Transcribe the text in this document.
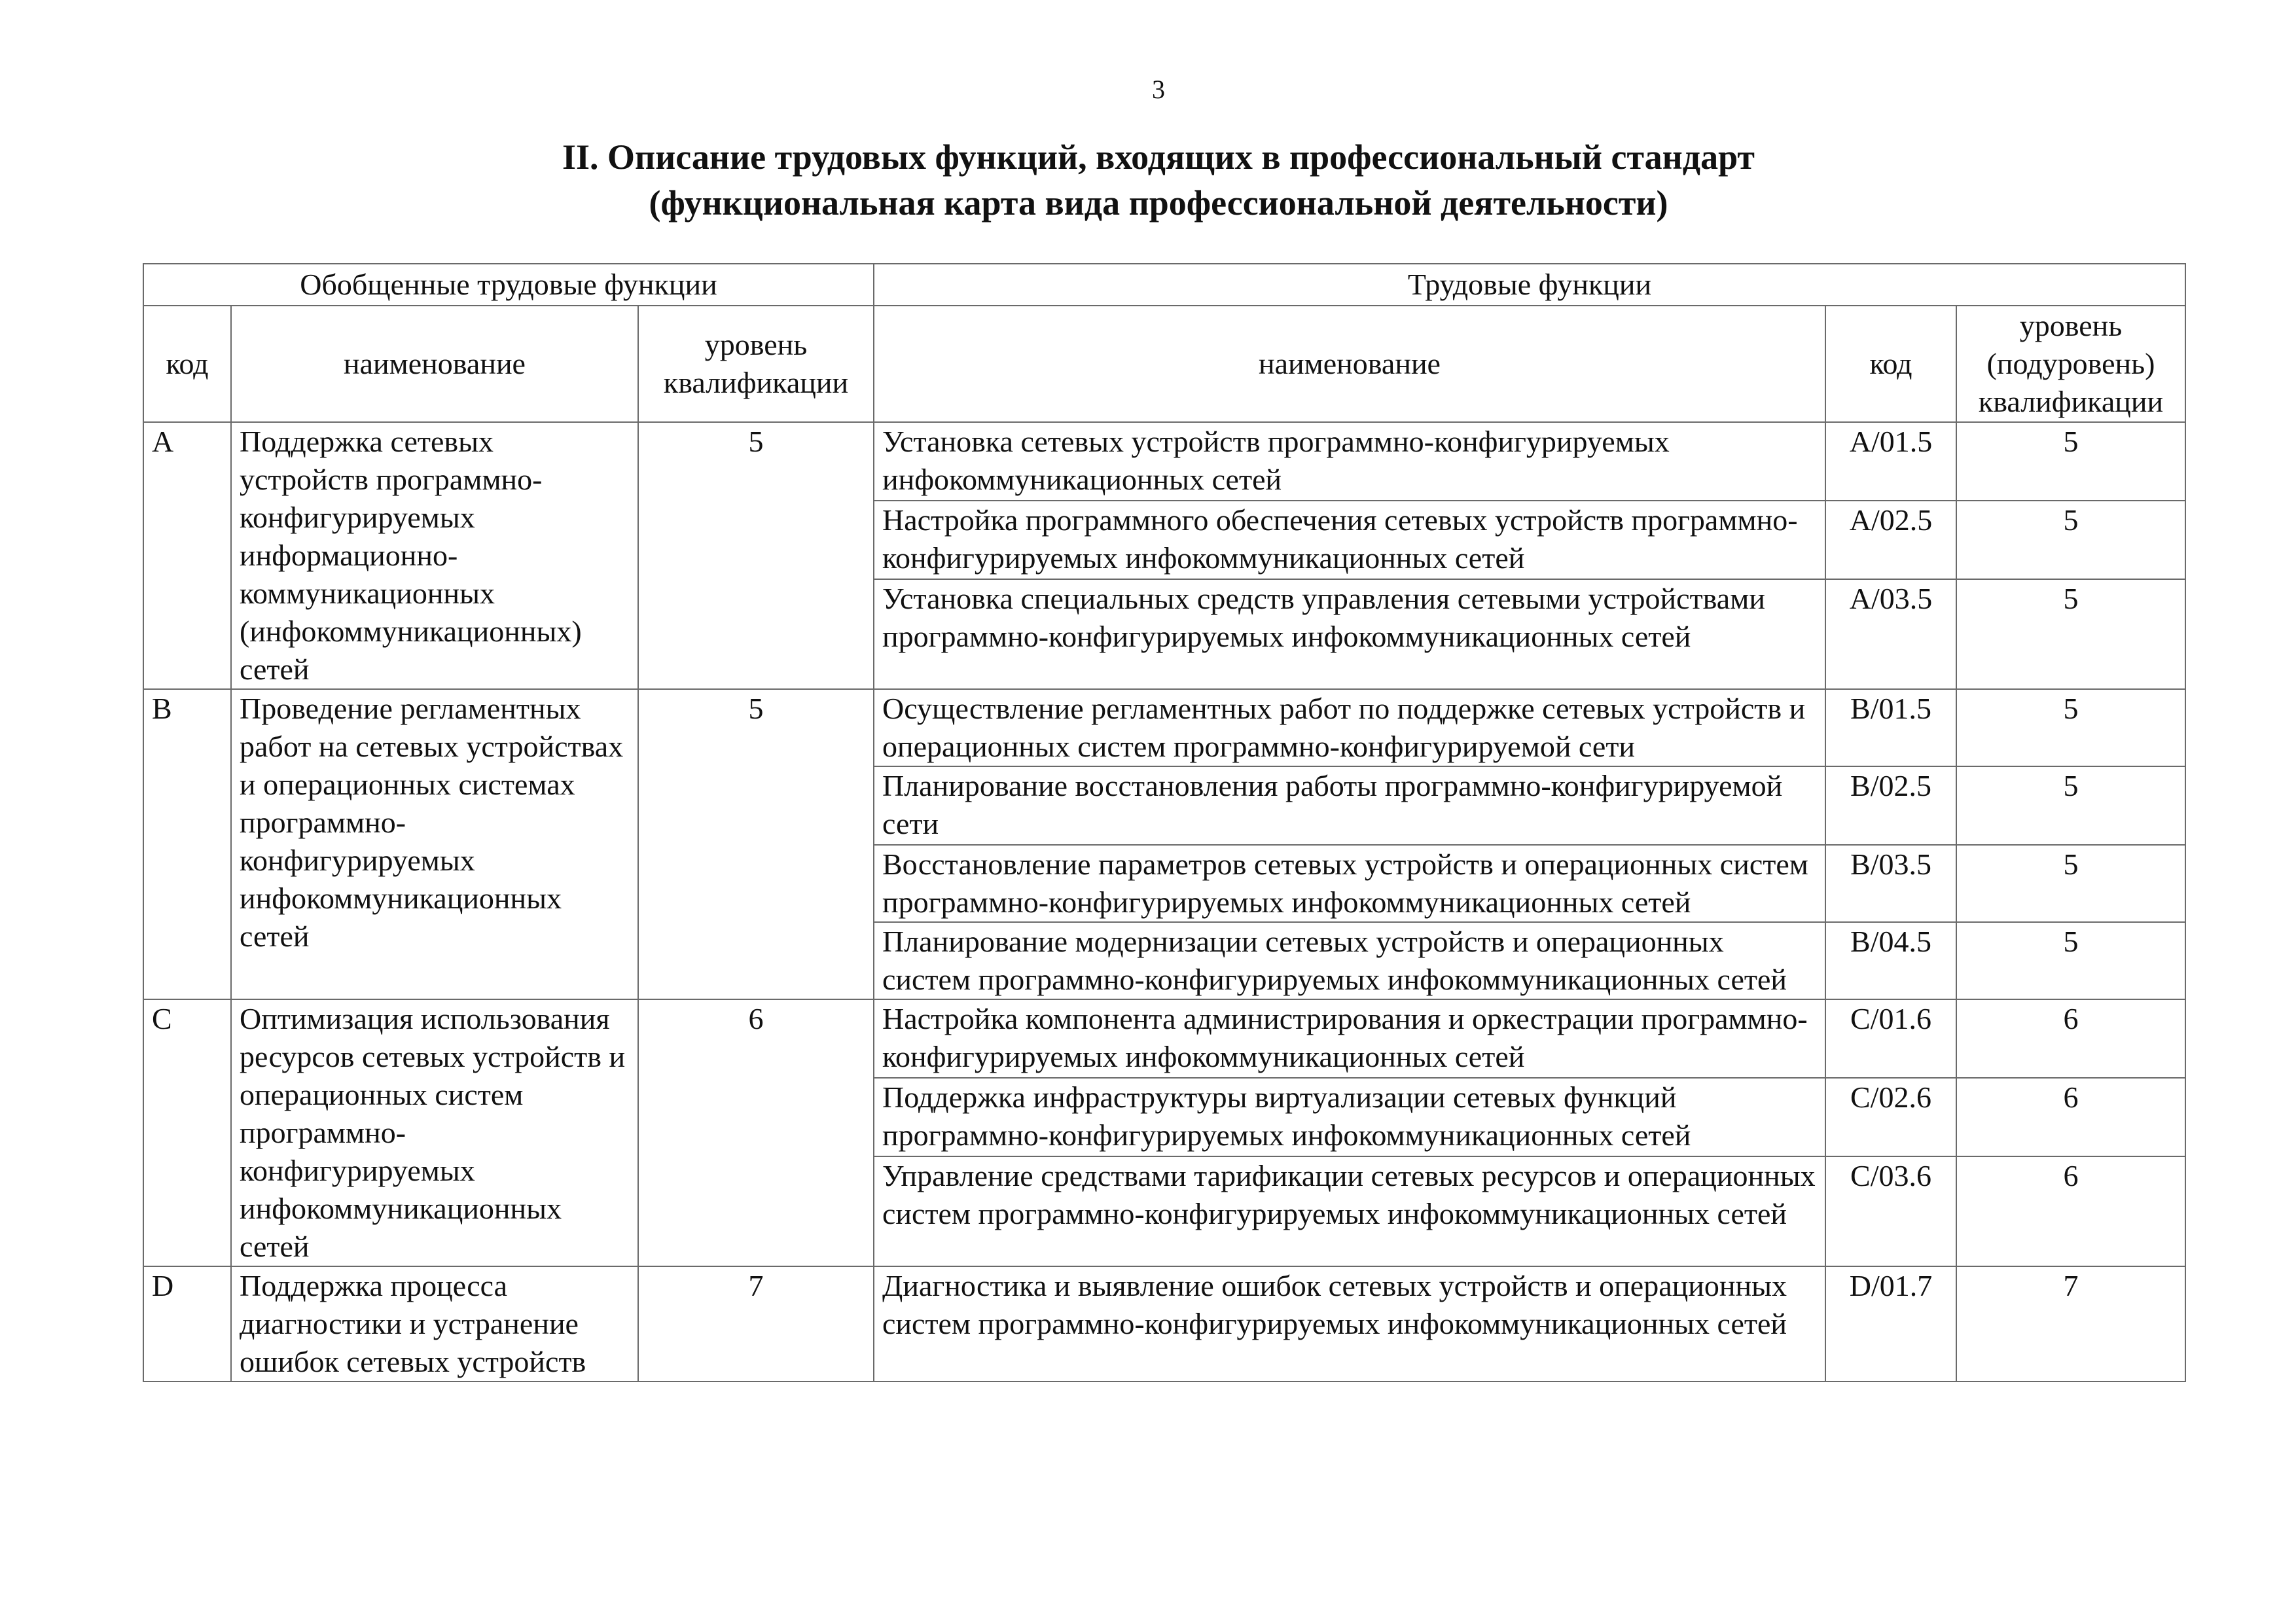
3
II. Описание трудовых функций, входящих в профессиональный стандарт
(функциональная карта вида профессиональной деятельности)
Обобщенные трудовые функции			Трудовые функции		
код	наименование	уровень квалификации	наименование	код	уровень (подуровень) квалификации
A	Поддержка сетевых устройств программно-конфигурируемых информационно-коммуникационных (инфокоммуникационных) сетей	5	Установка сетевых устройств программно-конфигурируемых инфокоммуникационных сетей	A/01.5	5
			Настройка программного обеспечения сетевых устройств программно-конфигурируемых инфокоммуникационных сетей	A/02.5	5
			Установка специальных средств управления сетевыми устройствами программно-конфигурируемых инфокоммуникационных сетей	A/03.5	5
B	Проведение регламентных работ на сетевых устройствах и операционных системах программно-конфигурируемых инфокоммуникационных сетей	5	Осуществление регламентных работ по поддержке сетевых устройств и операционных систем программно-конфигурируемой сети	B/01.5	5
			Планирование восстановления работы программно-конфигурируемой сети	B/02.5	5
			Восстановление параметров сетевых устройств и операционных систем программно-конфигурируемых инфокоммуникационных сетей	B/03.5	5
			Планирование модернизации сетевых устройств и операционных систем программно-конфигурируемых инфокоммуникационных сетей	B/04.5	5
C	Оптимизация использования ресурсов сетевых устройств и операционных систем программно-конфигурируемых инфокоммуникационных сетей	6	Настройка компонента администрирования и оркестрации программно-конфигурируемых инфокоммуникационных сетей	C/01.6	6
			Поддержка инфраструктуры виртуализации сетевых функций программно-конфигурируемых инфокоммуникационных сетей	C/02.6	6
			Управление средствами тарификации сетевых ресурсов и операционных систем программно-конфигурируемых инфокоммуникационных сетей	C/03.6	6
D	Поддержка процесса диагностики и устранение ошибок сетевых устройств	7	Диагностика и выявление ошибок сетевых устройств и операционных систем программно-конфигурируемых инфокоммуникационных сетей	D/01.7	7
